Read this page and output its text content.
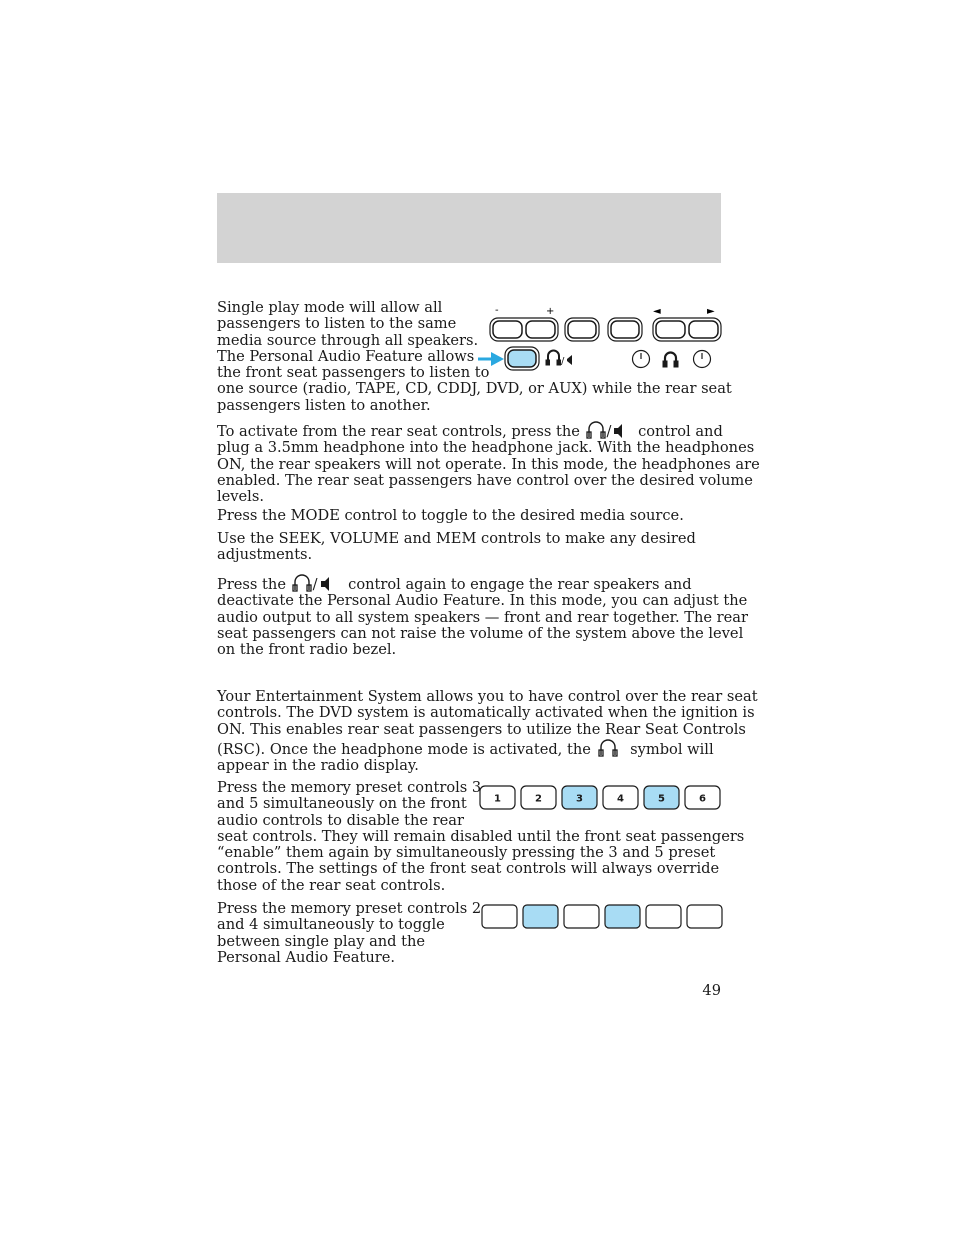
Single play mode will allow all
passengers to listen to the same
media source through all speakers.
The Personal Audio Feature allows
the front seat passengers to listen to
one source (radio, TAPE, CD, CDDJ, DVD, or AUX) while the rear seat
passengers listen to another.

-	+	◄	►
/

To activate from the rear seat controls, press the / control and
plug a 3.5mm headphone into the headphone jack. With the headphones
ON, the rear speakers will not operate. In this mode, the headphones are
enabled. The rear seat passengers have control over the desired volume
levels.

Press the MODE control to toggle to the desired media source.

Use the SEEK, VOLUME and MEM controls to make any desired
adjustments.

Press the / control again to engage the rear speakers and
deactivate the Personal Audio Feature. In this mode, you can adjust the
audio output to all system speakers — front and rear together. The rear
seat passengers can not raise the volume of the system above the level
on the front radio bezel.

Your Entertainment System allows you to have control over the rear seat
controls. The DVD system is automatically activated when the ignition is
ON. This enables rear seat passengers to utilize the Rear Seat Controls
(RSC). Once the headphone mode is activated, the	symbol will
appear in the radio display.

1	2	3	4	5	6

Press the memory preset controls 3
and 5 simultaneously on the front
audio controls to disable the rear
seat controls. They will remain disabled until the front seat passengers
“enable” them again by simultaneously pressing the 3 and 5 preset
controls. The settings of the front seat controls will always override
those of the rear seat controls.

Press the memory preset controls 2
and 4 simultaneously to toggle
between single play and the
Personal Audio Feature.

49
